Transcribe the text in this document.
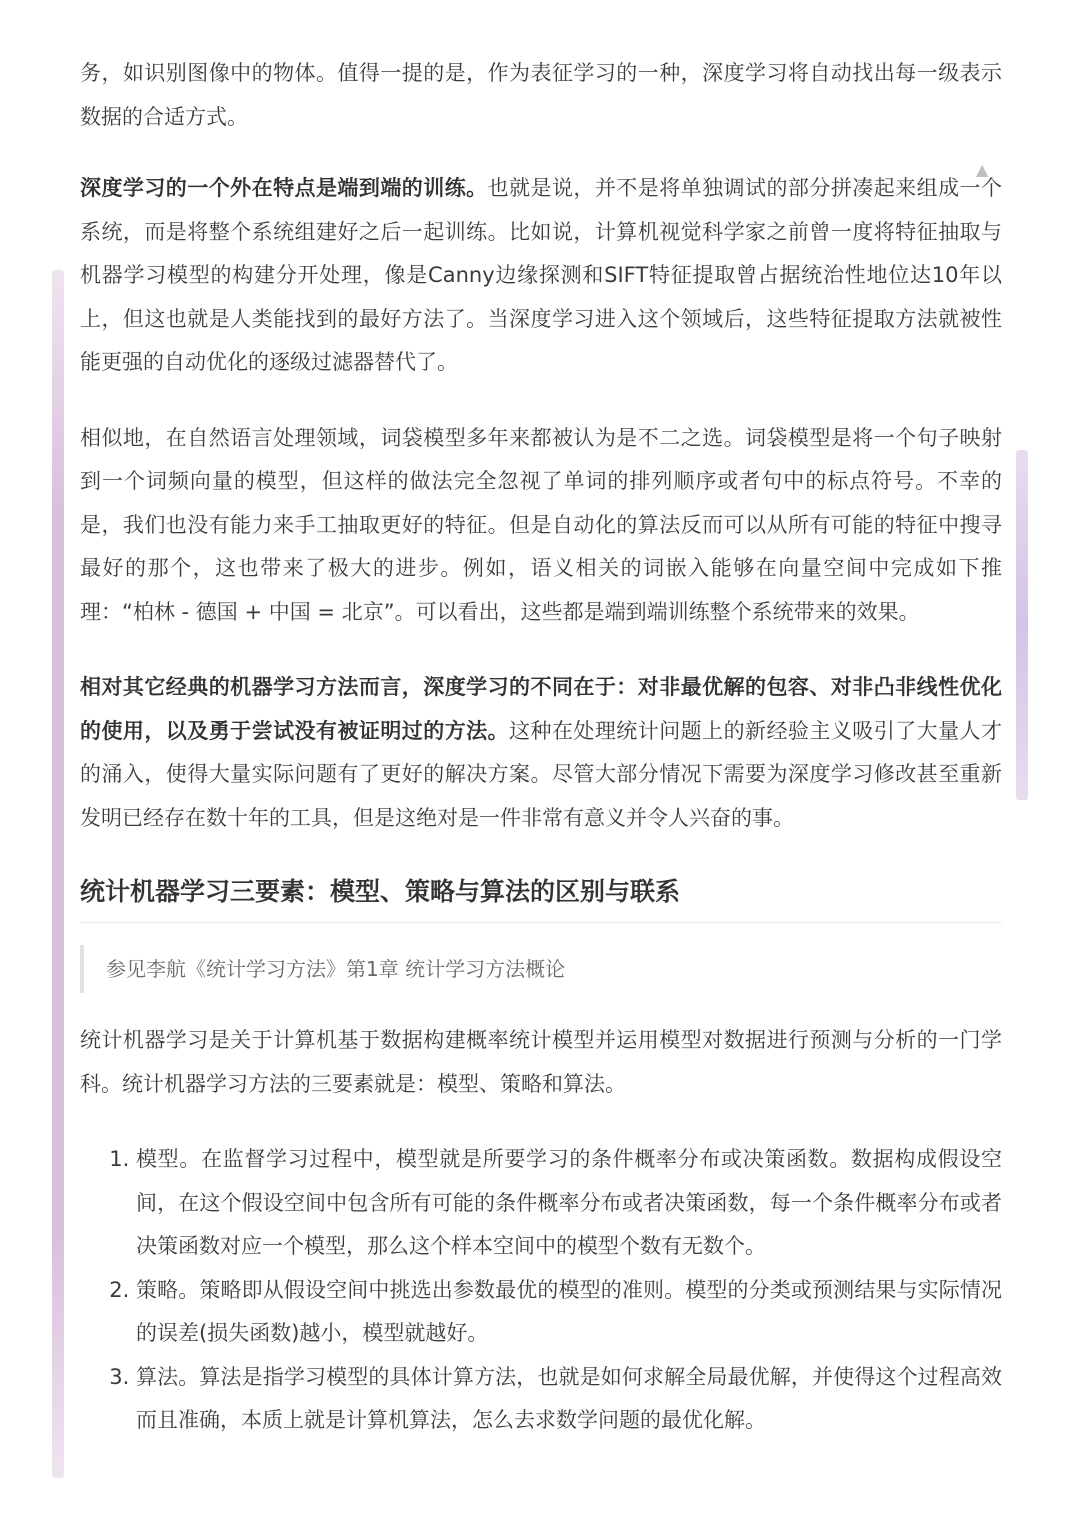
▲

务，如识别图像中的物体。值得一提的是，作为表征学习的一种，深度学习将自动找出每一级表示数据的合适方式。

深度学习的一个外在特点是端到端的训练。也就是说，并不是将单独调试的部分拼凑起来组成一个系统，而是将整个系统组建好之后一起训练。比如说，计算机视觉科学家之前曾一度将特征抽取与机器学习模型的构建分开处理，像是Canny边缘探测和SIFT特征提取曾占据统治性地位达10年以上，但这也就是人类能找到的最好方法了。当深度学习进入这个领域后，这些特征提取方法就被性能更强的自动优化的逐级过滤器替代了。

相似地，在自然语言处理领域，词袋模型多年来都被认为是不二之选。词袋模型是将一个句子映射到一个词频向量的模型，但这样的做法完全忽视了单词的排列顺序或者句中的标点符号。不幸的是，我们也没有能力来手工抽取更好的特征。但是自动化的算法反而可以从所有可能的特征中搜寻最好的那个，这也带来了极大的进步。例如，语义相关的词嵌入能够在向量空间中完成如下推理：“柏林 - 德国 + 中国 = 北京”。可以看出，这些都是端到端训练整个系统带来的效果。

相对其它经典的机器学习方法而言，深度学习的不同在于：对非最优解的包容、对非凸非线性优化的使用，以及勇于尝试没有被证明过的方法。这种在处理统计问题上的新经验主义吸引了大量人才的涌入，使得大量实际问题有了更好的解决方案。尽管大部分情况下需要为深度学习修改甚至重新发明已经存在数十年的工具，但是这绝对是一件非常有意义并令人兴奋的事。

统计机器学习三要素：模型、策略与算法的区别与联系
参见李航《统计学习方法》第1章 统计学习方法概论

统计机器学习是关于计算机基于数据构建概率统计模型并运用模型对数据进行预测与分析的一门学科。统计机器学习方法的三要素就是：模型、策略和算法。

1. 模型。在监督学习过程中，模型就是所要学习的条件概率分布或决策函数。数据构成假设空间，在这个假设空间中包含所有可能的条件概率分布或者决策函数，每一个条件概率分布或者决策函数对应一个模型，那么这个样本空间中的模型个数有无数个。
2. 策略。策略即从假设空间中挑选出参数最优的模型的准则。模型的分类或预测结果与实际情况的误差(损失函数)越小，模型就越好。
3. 算法。算法是指学习模型的具体计算方法，也就是如何求解全局最优解，并使得这个过程高效而且准确，本质上就是计算机算法，怎么去求数学问题的最优化解。
